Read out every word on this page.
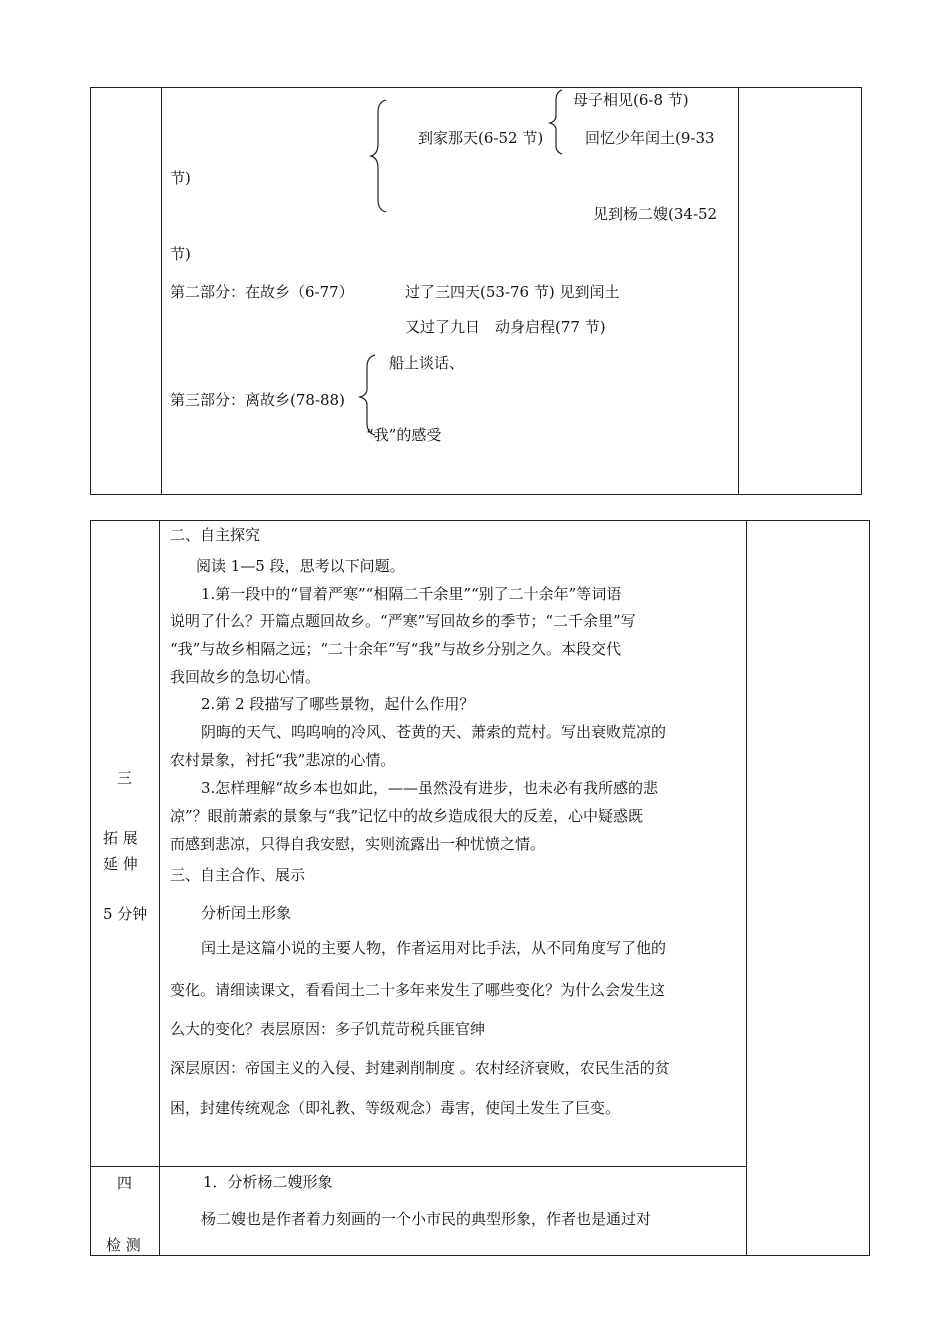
母子相见(6-8 节)
到家那天(6-52 节)	回忆少年闰土(9-33
节)
见到杨二嫂(34-52
节)
第二部分：在故乡（6-77）	过了三四天(53-76 节) 见到闰土
又过了九日　动身启程(77 节)
船上谈话、
第三部分：离故乡(78-88)
“我”的感受
三
拓 展
延 伸
5 分钟
二、自主探究
阅读 1—5 段，思考以下问题。
1.第一段中的“冒着严寒”“相隔二千余里”“别了二十余年”等词语
说明了什么？开篇点题回故乡。“严寒”写回故乡的季节；“二千余里”写
“我”与故乡相隔之远；“二十余年”写“我”与故乡分别之久。本段交代
我回故乡的急切心情。
2.第 2 段描写了哪些景物，起什么作用？
阴晦的天气、呜呜响的冷风、苍黄的天、萧索的荒村。写出衰败荒凉的
农村景象，衬托“我”悲凉的心情。
3.怎样理解“故乡本也如此，——虽然没有进步，也未必有我所感的悲
凉”？眼前萧索的景象与“我”记忆中的故乡造成很大的反差，心中疑惑既
而感到悲凉，只得自我安慰，实则流露出一种忧愤之情。
三、自主合作、展示
分析闰土形象
闰土是这篇小说的主要人物，作者运用对比手法，从不同角度写了他的
变化。请细读课文，看看闰土二十多年来发生了哪些变化？为什么会发生这
么大的变化？表层原因：多子饥荒苛税兵匪官绅
深层原因：帝国主义的入侵、封建剥削制度 。农村经济衰败，农民生活的贫
困，封建传统观念（即礼教、等级观念）毒害，使闰土发生了巨变。
四
检 测
1．分析杨二嫂形象
杨二嫂也是作者着力刻画的一个小市民的典型形象，作者也是通过对
